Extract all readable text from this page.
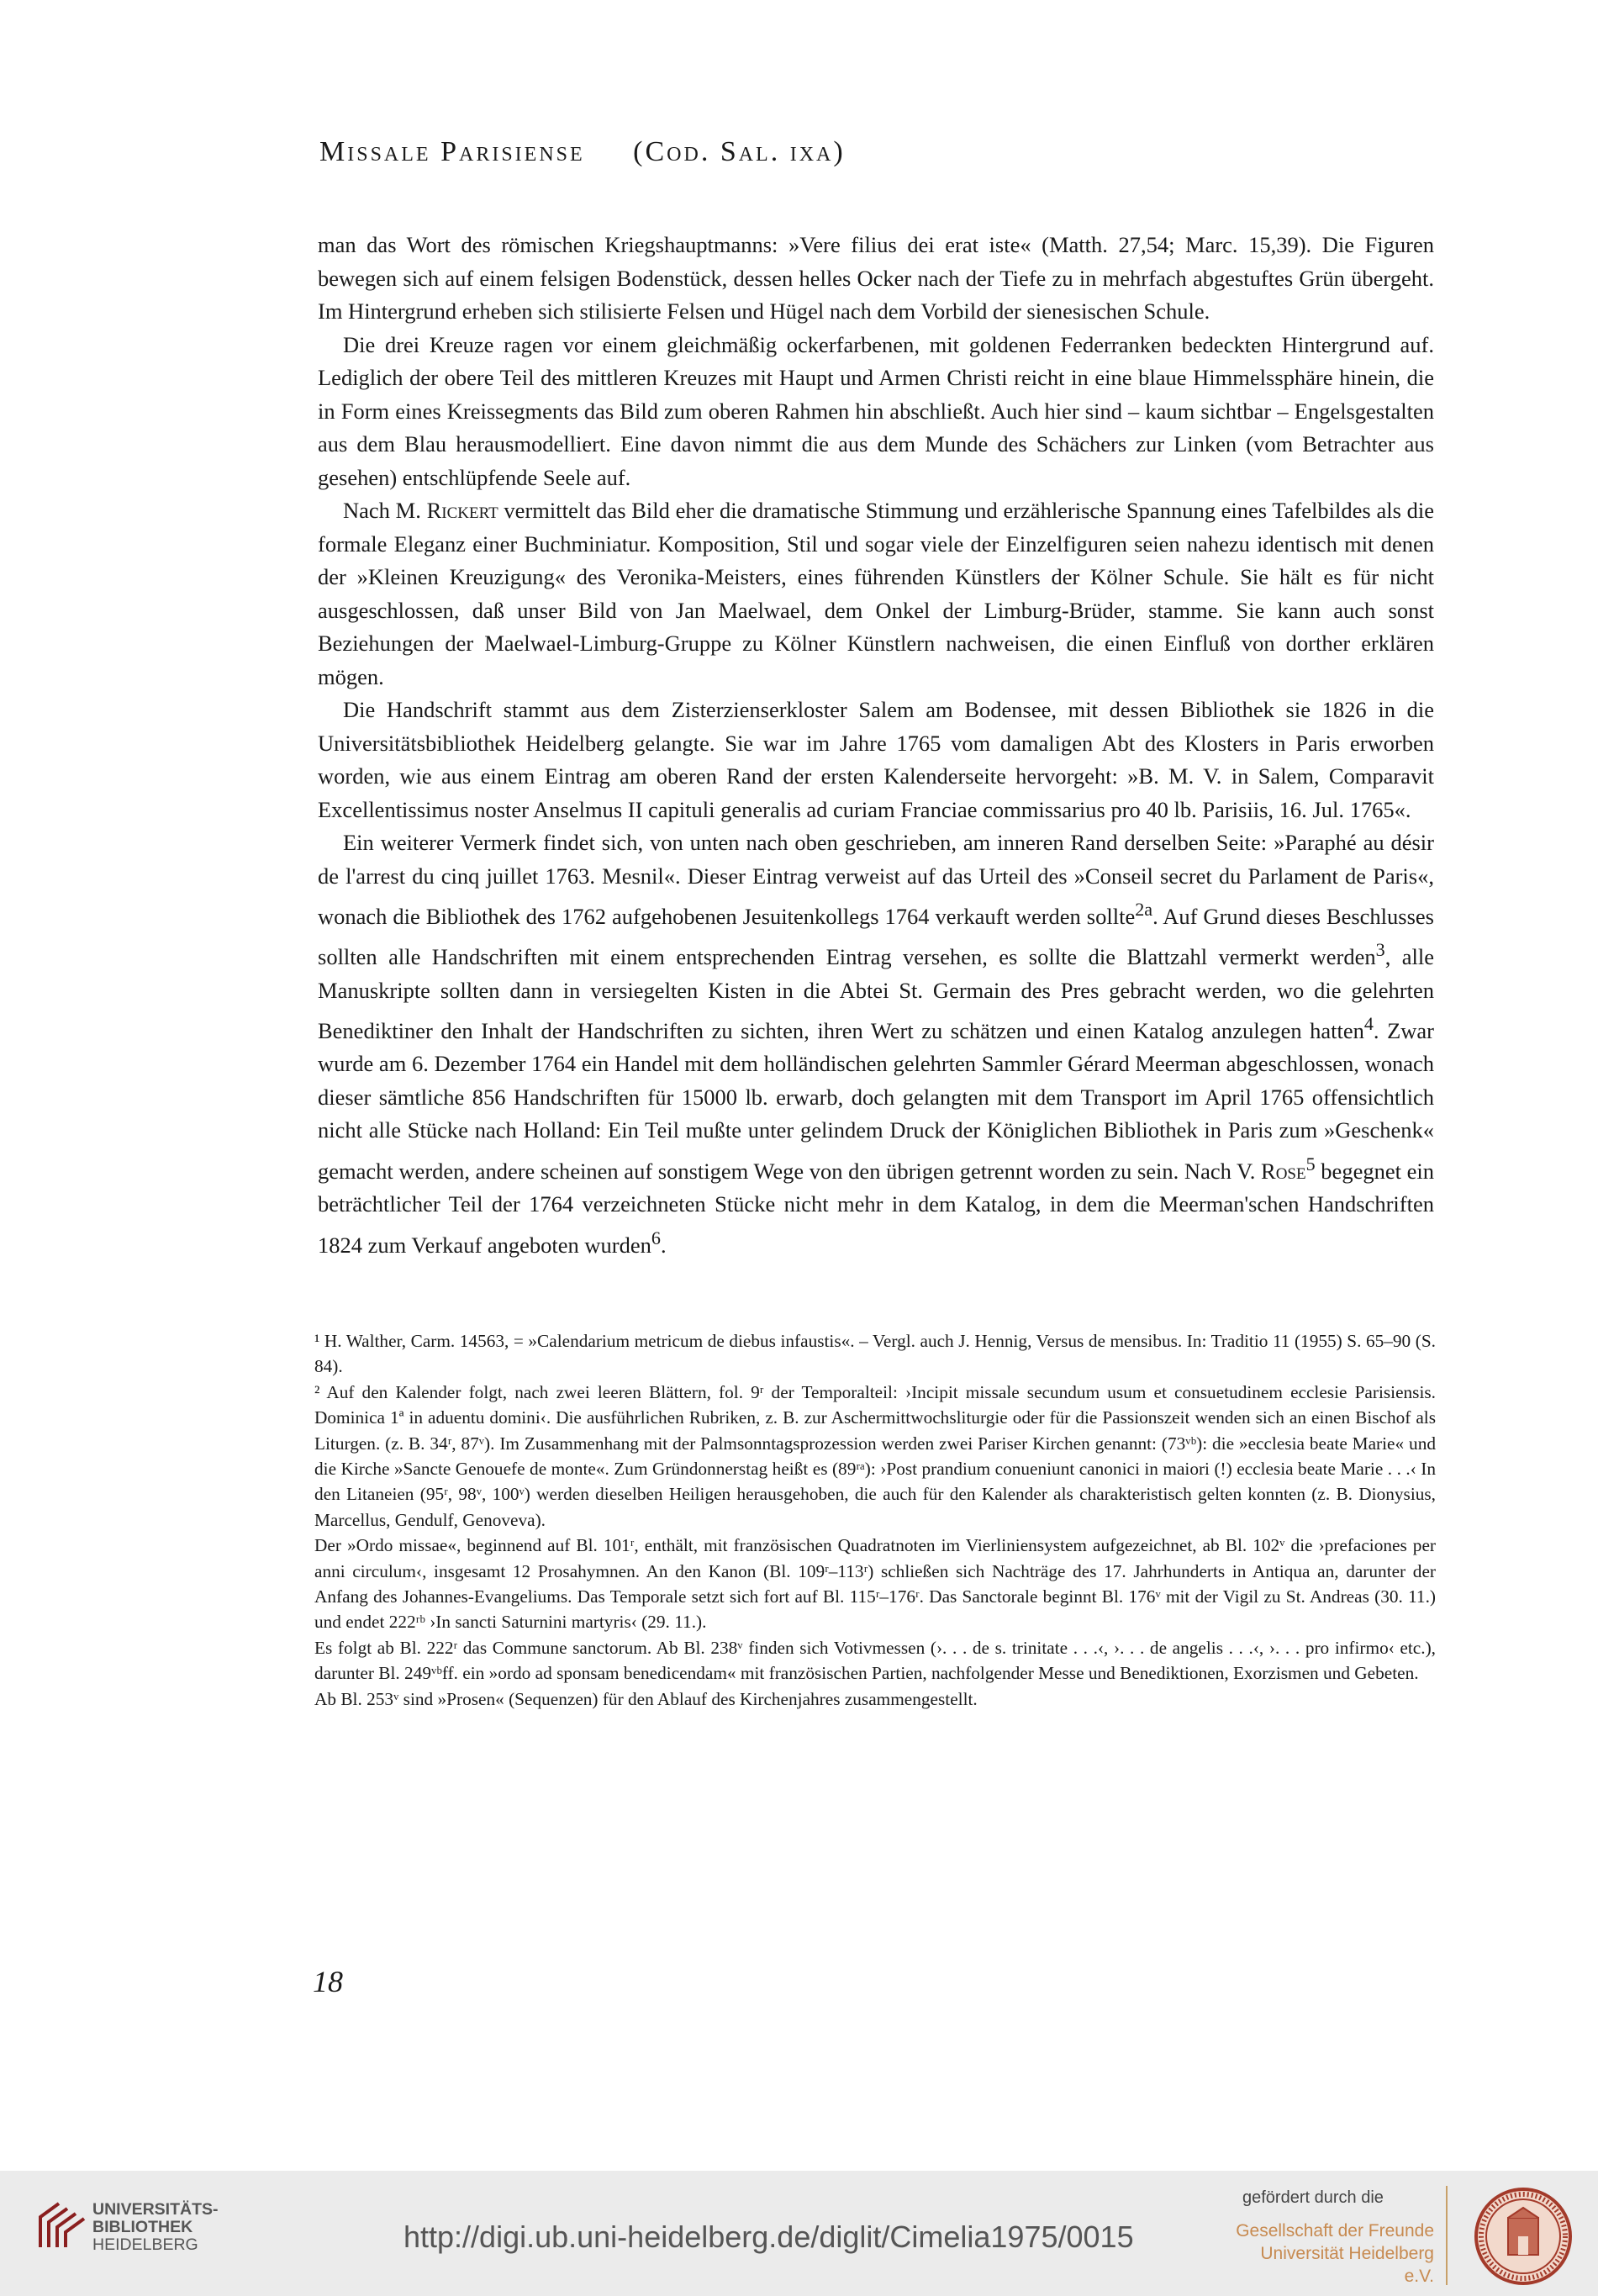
Missale Parisiense (Cod. Sal. ixa)

man das Wort des römischen Kriegshauptmanns: »Vere filius dei erat iste« (Matth. 27,54; Marc. 15,39). Die Figuren bewegen sich auf einem felsigen Bodenstück, dessen helles Ocker nach der Tiefe zu in mehrfach abgestuftes Grün übergeht. Im Hintergrund erheben sich stilisierte Felsen und Hügel nach dem Vorbild der sienesischen Schule.

Die drei Kreuze ragen vor einem gleichmäßig ockerfarbenen, mit goldenen Federranken bedeckten Hintergrund auf. Lediglich der obere Teil des mittleren Kreuzes mit Haupt und Armen Christi reicht in eine blaue Himmelssphäre hinein, die in Form eines Kreissegments das Bild zum oberen Rahmen hin abschließt. Auch hier sind – kaum sichtbar – Engelsgestalten aus dem Blau herausmodelliert. Eine davon nimmt die aus dem Munde des Schächers zur Linken (vom Betrachter aus gesehen) entschlüpfende Seele auf.

Nach M. Rickert vermittelt das Bild eher die dramatische Stimmung und erzählerische Spannung eines Tafelbildes als die formale Eleganz einer Buchminiatur. Komposition, Stil und sogar viele der Einzelfiguren seien nahezu identisch mit denen der »Kleinen Kreuzigung« des Veronika-Meisters, eines führenden Künstlers der Kölner Schule. Sie hält es für nicht ausgeschlossen, daß unser Bild von Jan Maelwael, dem Onkel der Limburg-Brüder, stamme. Sie kann auch sonst Beziehungen der Maelwael-Limburg-Gruppe zu Kölner Künstlern nachweisen, die einen Einfluß von dorther erklären mögen.

Die Handschrift stammt aus dem Zisterzienserkloster Salem am Bodensee, mit dessen Bibliothek sie 1826 in die Universitätsbibliothek Heidelberg gelangte. Sie war im Jahre 1765 vom damaligen Abt des Klosters in Paris erworben worden, wie aus einem Eintrag am oberen Rand der ersten Kalenderseite hervorgeht: »B. M. V. in Salem, Comparavit Excellentissimus noster Anselmus II capituli generalis ad curiam Franciae commissarius pro 40 lb. Parisiis, 16. Jul. 1765«.

Ein weiterer Vermerk findet sich, von unten nach oben geschrieben, am inneren Rand derselben Seite: »Paraphé au désir de l'arrest du cinq juillet 1763. Mesnil«. Dieser Eintrag verweist auf das Urteil des »Conseil secret du Parlament de Paris«, wonach die Bibliothek des 1762 aufgehobenen Jesuitenkollegs 1764 verkauft werden sollte$^{2a}$. Auf Grund dieses Beschlusses sollten alle Handschriften mit einem entsprechenden Eintrag versehen, es sollte die Blattzahl vermerkt werden$^3$, alle Manuskripte sollten dann in versiegelten Kisten in die Abtei St. Germain des Pres gebracht werden, wo die gelehrten Benediktiner den Inhalt der Handschriften zu sichten, ihren Wert zu schätzen und einen Katalog anzulegen hatten$^4$. Zwar wurde am 6. Dezember 1764 ein Handel mit dem holländischen gelehrten Sammler Gérard Meerman abgeschlossen, wonach dieser sämtliche 856 Handschriften für 15000 lb. erwarb, doch gelangten mit dem Transport im April 1765 offensichtlich nicht alle Stücke nach Holland: Ein Teil mußte unter gelindem Druck der Königlichen Bibliothek in Paris zum »Geschenk« gemacht werden, andere scheinen auf sonstigem Wege von den übrigen getrennt worden zu sein. Nach V. Rose$^5$ begegnet ein beträchtlicher Teil der 1764 verzeichneten Stücke nicht mehr in dem Katalog, in dem die Meerman'schen Handschriften 1824 zum Verkauf angeboten wurden$^6$.

¹ H. Walther, Carm. 14563, = »Calendarium metricum de diebus infaustis«. – Vergl. auch J. Hennig, Versus de mensibus. In: Traditio 11 (1955) S. 65–90 (S. 84).

² Auf den Kalender folgt, nach zwei leeren Blättern, fol. 9ʳ der Temporalteil: ›Incipit missale secundum usum et consuetudinem ecclesie Parisiensis. Dominica 1ª in aduentu domini‹. Die ausführlichen Rubriken, z. B. zur Aschermittwochsliturgie oder für die Passionszeit wenden sich an einen Bischof als Liturgen. (z. B. 34ʳ, 87ᵛ). Im Zusammenhang mit der Palmsonntagsprozession werden zwei Pariser Kirchen genannt: (73ᵛᵇ): die »ecclesia beate Marie« und die Kirche »Sancte Genouefe de monte«. Zum Gründonnerstag heißt es (89ʳᵃ): ›Post prandium conueniunt canonici in maiori (!) ecclesia beate Marie . . .‹ In den Litaneien (95ʳ, 98ᵛ, 100ᵛ) werden dieselben Heiligen herausgehoben, die auch für den Kalender als charakteristisch gelten konnten (z. B. Dionysius, Marcellus, Gendulf, Genoveva).

Der »Ordo missae«, beginnend auf Bl. 101ʳ, enthält, mit französischen Quadratnoten im Vierliniensystem aufgezeichnet, ab Bl. 102ᵛ die ›prefaciones per anni circulum‹, insgesamt 12 Prosahymnen. An den Kanon (Bl. 109ʳ–113ʳ) schließen sich Nachträge des 17. Jahrhunderts in Antiqua an, darunter der Anfang des Johannes-Evangeliums. Das Temporale setzt sich fort auf Bl. 115ʳ–176ʳ. Das Sanctorale beginnt Bl. 176ᵛ mit der Vigil zu St. Andreas (30. 11.) und endet 222ʳᵇ ›In sancti Saturnini martyris‹ (29. 11.).

Es folgt ab Bl. 222ʳ das Commune sanctorum. Ab Bl. 238ᵛ finden sich Votivmessen (›. . . de s. trinitate . . .‹, ›. . . de angelis . . .‹, ›. . . pro infirmo‹ etc.), darunter Bl. 249ᵛᵇff. ein »ordo ad sponsam benedicendam« mit französischen Partien, nachfolgender Messe und Benediktionen, Exorzismen und Gebeten.

Ab Bl. 253ᵛ sind »Prosen« (Sequenzen) für den Ablauf des Kirchenjahres zusammengestellt.

18
UNIVERSITÄTS-
BIBLIOTHEK
HEIDELBERG	http://digi.ub.uni-heidelberg.de/diglit/Cimelia1975/0015
gefördert durch die
Gesellschaft der Freunde
Universität Heidelberg e.V.
